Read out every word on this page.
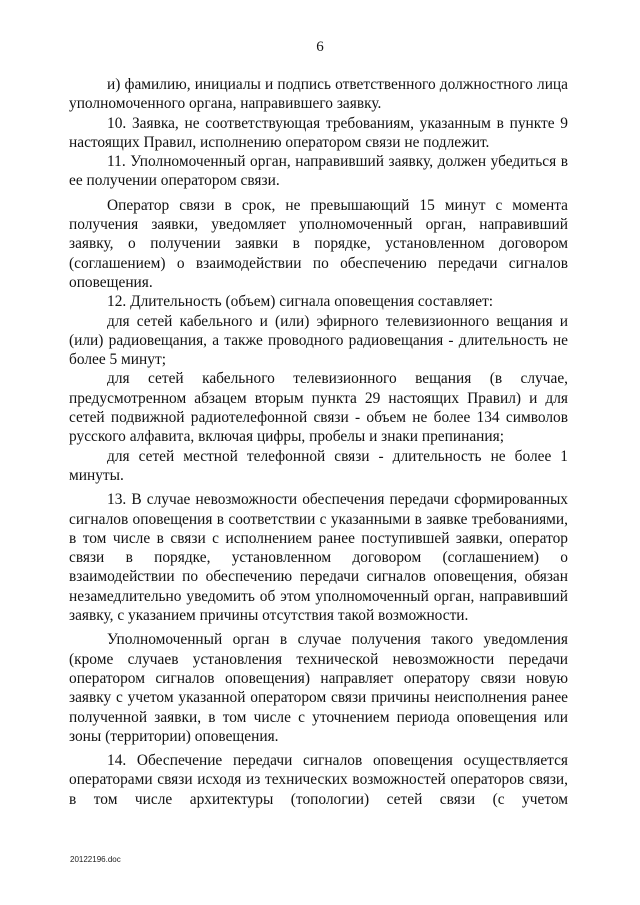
6

и) фамилию, инициалы и подпись ответственного должностного лица уполномоченного органа, направившего заявку.

10. Заявка, не соответствующая требованиям, указанным в пункте 9 настоящих Правил, исполнению оператором связи не подлежит.

11. Уполномоченный орган, направивший заявку, должен убедиться в ее получении оператором связи.

Оператор связи в срок, не превышающий 15 минут с момента получения заявки, уведомляет уполномоченный орган, направивший заявку, о получении заявки в порядке, установленном договором (соглашением) о взаимодействии по обеспечению передачи сигналов оповещения.

12. Длительность (объем) сигнала оповещения составляет:

для сетей кабельного и (или) эфирного телевизионного вещания и (или) радиовещания, а также проводного радиовещания - длительность не более 5 минут;

для сетей кабельного телевизионного вещания (в случае, предусмотренном абзацем вторым пункта 29 настоящих Правил) и для сетей подвижной радиотелефонной связи - объем не более 134 символов русского алфавита, включая цифры, пробелы и знаки препинания;

для сетей местной телефонной связи - длительность не более 1 минуты.

13. В случае невозможности обеспечения передачи сформированных сигналов оповещения в соответствии с указанными в заявке требованиями, в том числе в связи с исполнением ранее поступившей заявки, оператор связи в порядке, установленном договором (соглашением) о взаимодействии по обеспечению передачи сигналов оповещения, обязан незамедлительно уведомить об этом уполномоченный орган, направивший заявку, с указанием причины отсутствия такой возможности.

Уполномоченный орган в случае получения такого уведомления (кроме случаев установления технической невозможности передачи оператором сигналов оповещения) направляет оператору связи новую заявку с учетом указанной оператором связи причины неисполнения ранее полученной заявки, в том числе с уточнением периода оповещения или зоны (территории) оповещения.

14. Обеспечение передачи сигналов оповещения осуществляется операторами связи исходя из технических возможностей операторов связи, в том числе архитектуры (топологии) сетей связи (с учетом

20122196.doc
